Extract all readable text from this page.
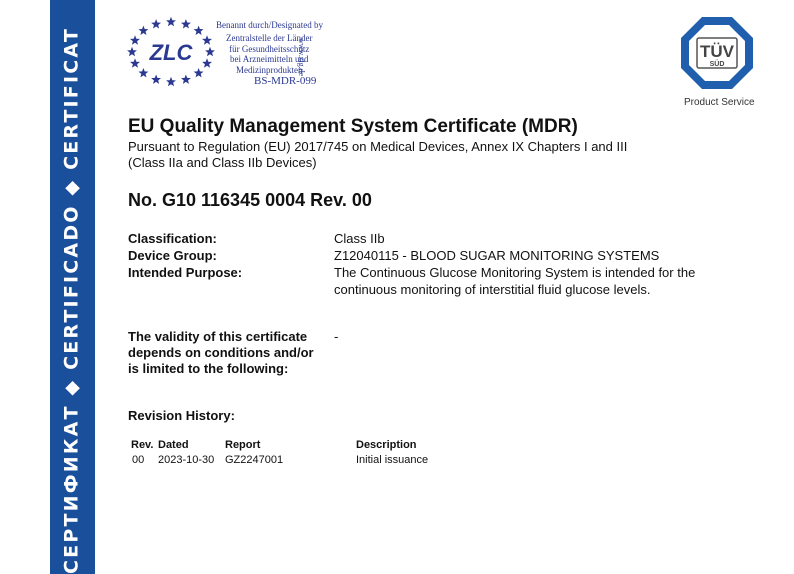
СЕРТИФИКАТ ◆ CERTIFICADO ◆ CERTIFICAT	ZLC
Benannt durch/Designated by
Zentralstelle der Länder
für Gesundheitsschutz
bei Arzneimitteln und
Medizinprodukten
www.zlg.de
BS-MDR-099
TÜV
SÜD
Product Service
EU Quality Management System Certificate (MDR)
Pursuant to Regulation (EU) 2017/745 on Medical Devices, Annex IX Chapters I and III
(Class IIa and Class IIb Devices)
No. G10 116345 0004 Rev. 00
Classification:	Class IIb
Device Group:	Z12040115 - BLOOD SUGAR MONITORING SYSTEMS
Intended Purpose:	The Continuous Glucose Monitoring System is intended for the
continuous monitoring of interstitial fluid glucose levels.
The validity of this certificate
depends on conditions and/or
is limited to the following:
-
Revision History:
Rev. Dated	Report	Description
00 2023-10-30 GZ2247001	Initial issuance
